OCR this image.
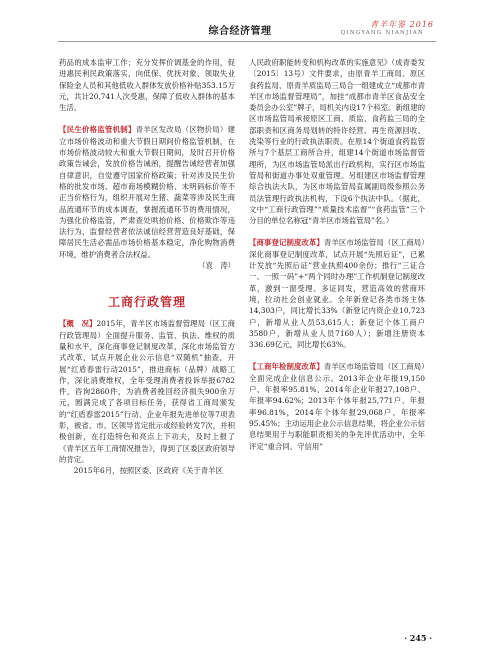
综合经济管理
青羊年鉴 2016
QINGYANG NIANJIAN

药品的成本监审工作；充分发挥价调基金的作用，促进惠民利民政策落实，向低保、优抚对象、领取失业保险金人员和其他低收入群体发放价格补贴353.15万元，共计20,741人次受惠，保障了低收入群体的基本生活。

【民生价格监管机制】青羊区发改局（区物价局）建立市场价格波动和重大节假日期间价格监管机制，在市场价格波动较大和重大节假日期间，及时召开价格政策告诫会，发放价格告诫函，提醒告诫经营者加强自律意识，自觉遵守国家价格政策；针对涉及民生价格的批发市场、超市商场模糊价格、未明码标价等不正当价格行为，组织开展对生猪、蔬菜等涉及民生商品流通环节的成本调查，掌握流通环节的费用情况，为强化价格监管，严肃查处哄抬价格、价格欺诈等违法行为，监督经营者依法诚信经营营造良好基础，保障居民生活必需品市场价格基本稳定，净化购物消费环境，维护消费者合法权益。

（袁　涛）
工商行政管理

【概　况】2015年，青羊区市场监督管理局（区工商行政管理局）全面提升服务、监管、执法、维权的质量和水平，深化商事登记制度改革，深化市场监管方式改革，试点开展企业公示信息“双随机”抽查，开展“红盾春雷行动2015”，推进商标（品牌）战略工作，深化消费维权，全年受理消费者投诉举报6782件，咨询2860件，为消费者挽回经济损失900余万元，圆满完成了各项目标任务，获得省工商局颁发的“红盾春雷2015”行动、企业年报先进单位等7项表彰，被省、市、区领导肯定批示或经验转发7次，并积极创新，在打造特色和亮点上下功夫，及时上报了《青羊区五年工商情况报告》，得到了区委区政府领导的肯定。

2015年6月，按照区委、区政府《关于青羊区

人民政府职能转变和机构改革的实施意见》（成青委发〔2015〕13号）文件要求，由原青羊工商局、原区食药监局、原青羊质监局三局合一组建成立“成都市青羊区市场监督管理局”，加挂“成都市青羊区食品安全委员会办公室”牌子，局机关内设17个科室。新组建的区市场监管局承接原区工商、质监、食药监三局的全部职责和区商务局划转的特许经营、再生资源回收、洗染等行业的行政执法职责。在原14个街道食药监管所与7个基层工商所合并，组建14个街道市场监督管理所，为区市场监管局派出行政机构，实行区市场监管局和街道办事处双重管理。另组建区市场监督管理综合执法大队，为区市场监管局直属副局级参照公务员法管理行政执法机构，下设6个执法中队。（据此，文中“工商行政管理”“质量技术监督”“食药监管”三个分目的单位名称冠“青羊区市场监管局”名。）

【商事登记制度改革】青羊区市场监管局（区工商局）深化商事登记制度改革，试点开展“先照后证”，已累计发放“先照后证”营业执照400余份；推行“三证合一、一照一码”+“两个同时办理”工作机制登记制度改革，激到一窗受理、多证同发，营造高效的营商环境，拉动社会创业就业。全年新登记各类市场主体14,303户，同比增长33%（新登记内资企业10,723户，新增从业人员53,615人；新登记个体工商户3580户，新增从业人员7160人）；新增注册资本336.69亿元，同比增长63%。

【工商年检制度改革】青羊区市场监管局（区工商局）全面完成企业信息公示。2013年企业年报19,150户、年报率95.81%，2014年企业年报27,108户、年报率94.62%；2013年个体年报25,771户、年报率96.81%，2014年个体年报29,068户、年报率95.45%；主动运用企业公示信息结果，将企业公示信息结果用于与职能职责相关的争先评优活动中，全年评定“重合同、守信用”

· 245 ·
